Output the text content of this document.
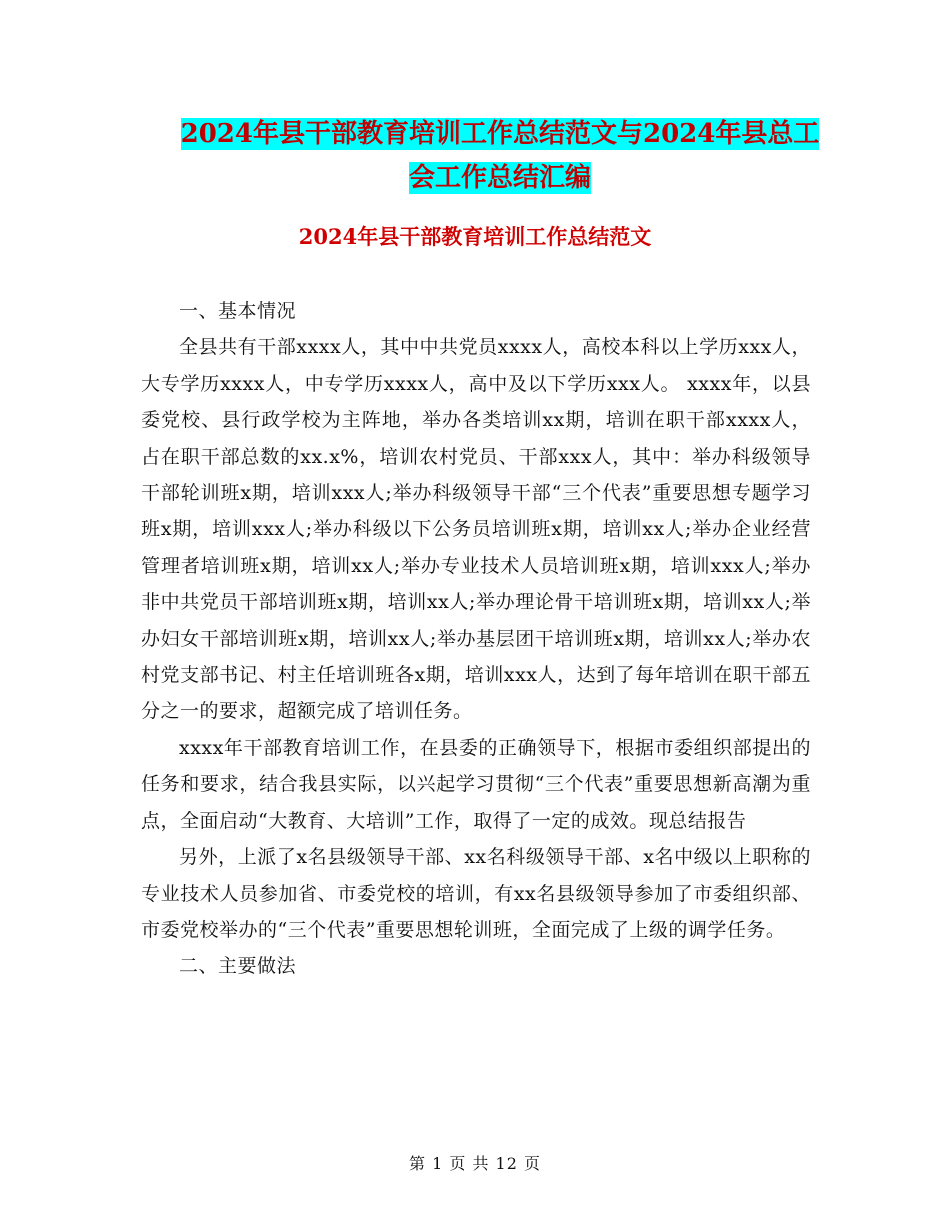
2024年县干部教育培训工作总结范文与2024年县总工
会工作总结汇编
2024年县干部教育培训工作总结范文

一、基本情况

全县共有干部xxxx人，其中中共党员xxxx人，高校本科以上学历xxx人，大专学历xxxx人，中专学历xxxx人，高中及以下学历xxx人。 xxxx年，以县委党校、县行政学校为主阵地，举办各类培训xx期，培训在职干部xxxx人，占在职干部总数的xx.x%，培训农村党员、干部xxx人，其中：举办科级领导干部轮训班x期，培训xxx人;举办科级领导干部“三个代表”重要思想专题学习班x期，培训xxx人;举办科级以下公务员培训班x期，培训xx人;举办企业经营管理者培训班x期，培训xx人;举办专业技术人员培训班x期，培训xxx人;举办非中共党员干部培训班x期，培训xx人;举办理论骨干培训班x期，培训xx人;举办妇女干部培训班x期，培训xx人;举办基层团干培训班x期，培训xx人;举办农村党支部书记、村主任培训班各x期，培训xxx人，达到了每年培训在职干部五分之一的要求，超额完成了培训任务。

xxxx年干部教育培训工作，在县委的正确领导下，根据市委组织部提出的任务和要求，结合我县实际，以兴起学习贯彻“三个代表”重要思想新高潮为重点，全面启动“大教育、大培训”工作，取得了一定的成效。现总结报告

另外，上派了x名县级领导干部、xx名科级领导干部、x名中级以上职称的专业技术人员参加省、市委党校的培训，有xx名县级领导参加了市委组织部、市委党校举办的“三个代表”重要思想轮训班，全面完成了上级的调学任务。

二、主要做法

第 1 页 共 12 页
